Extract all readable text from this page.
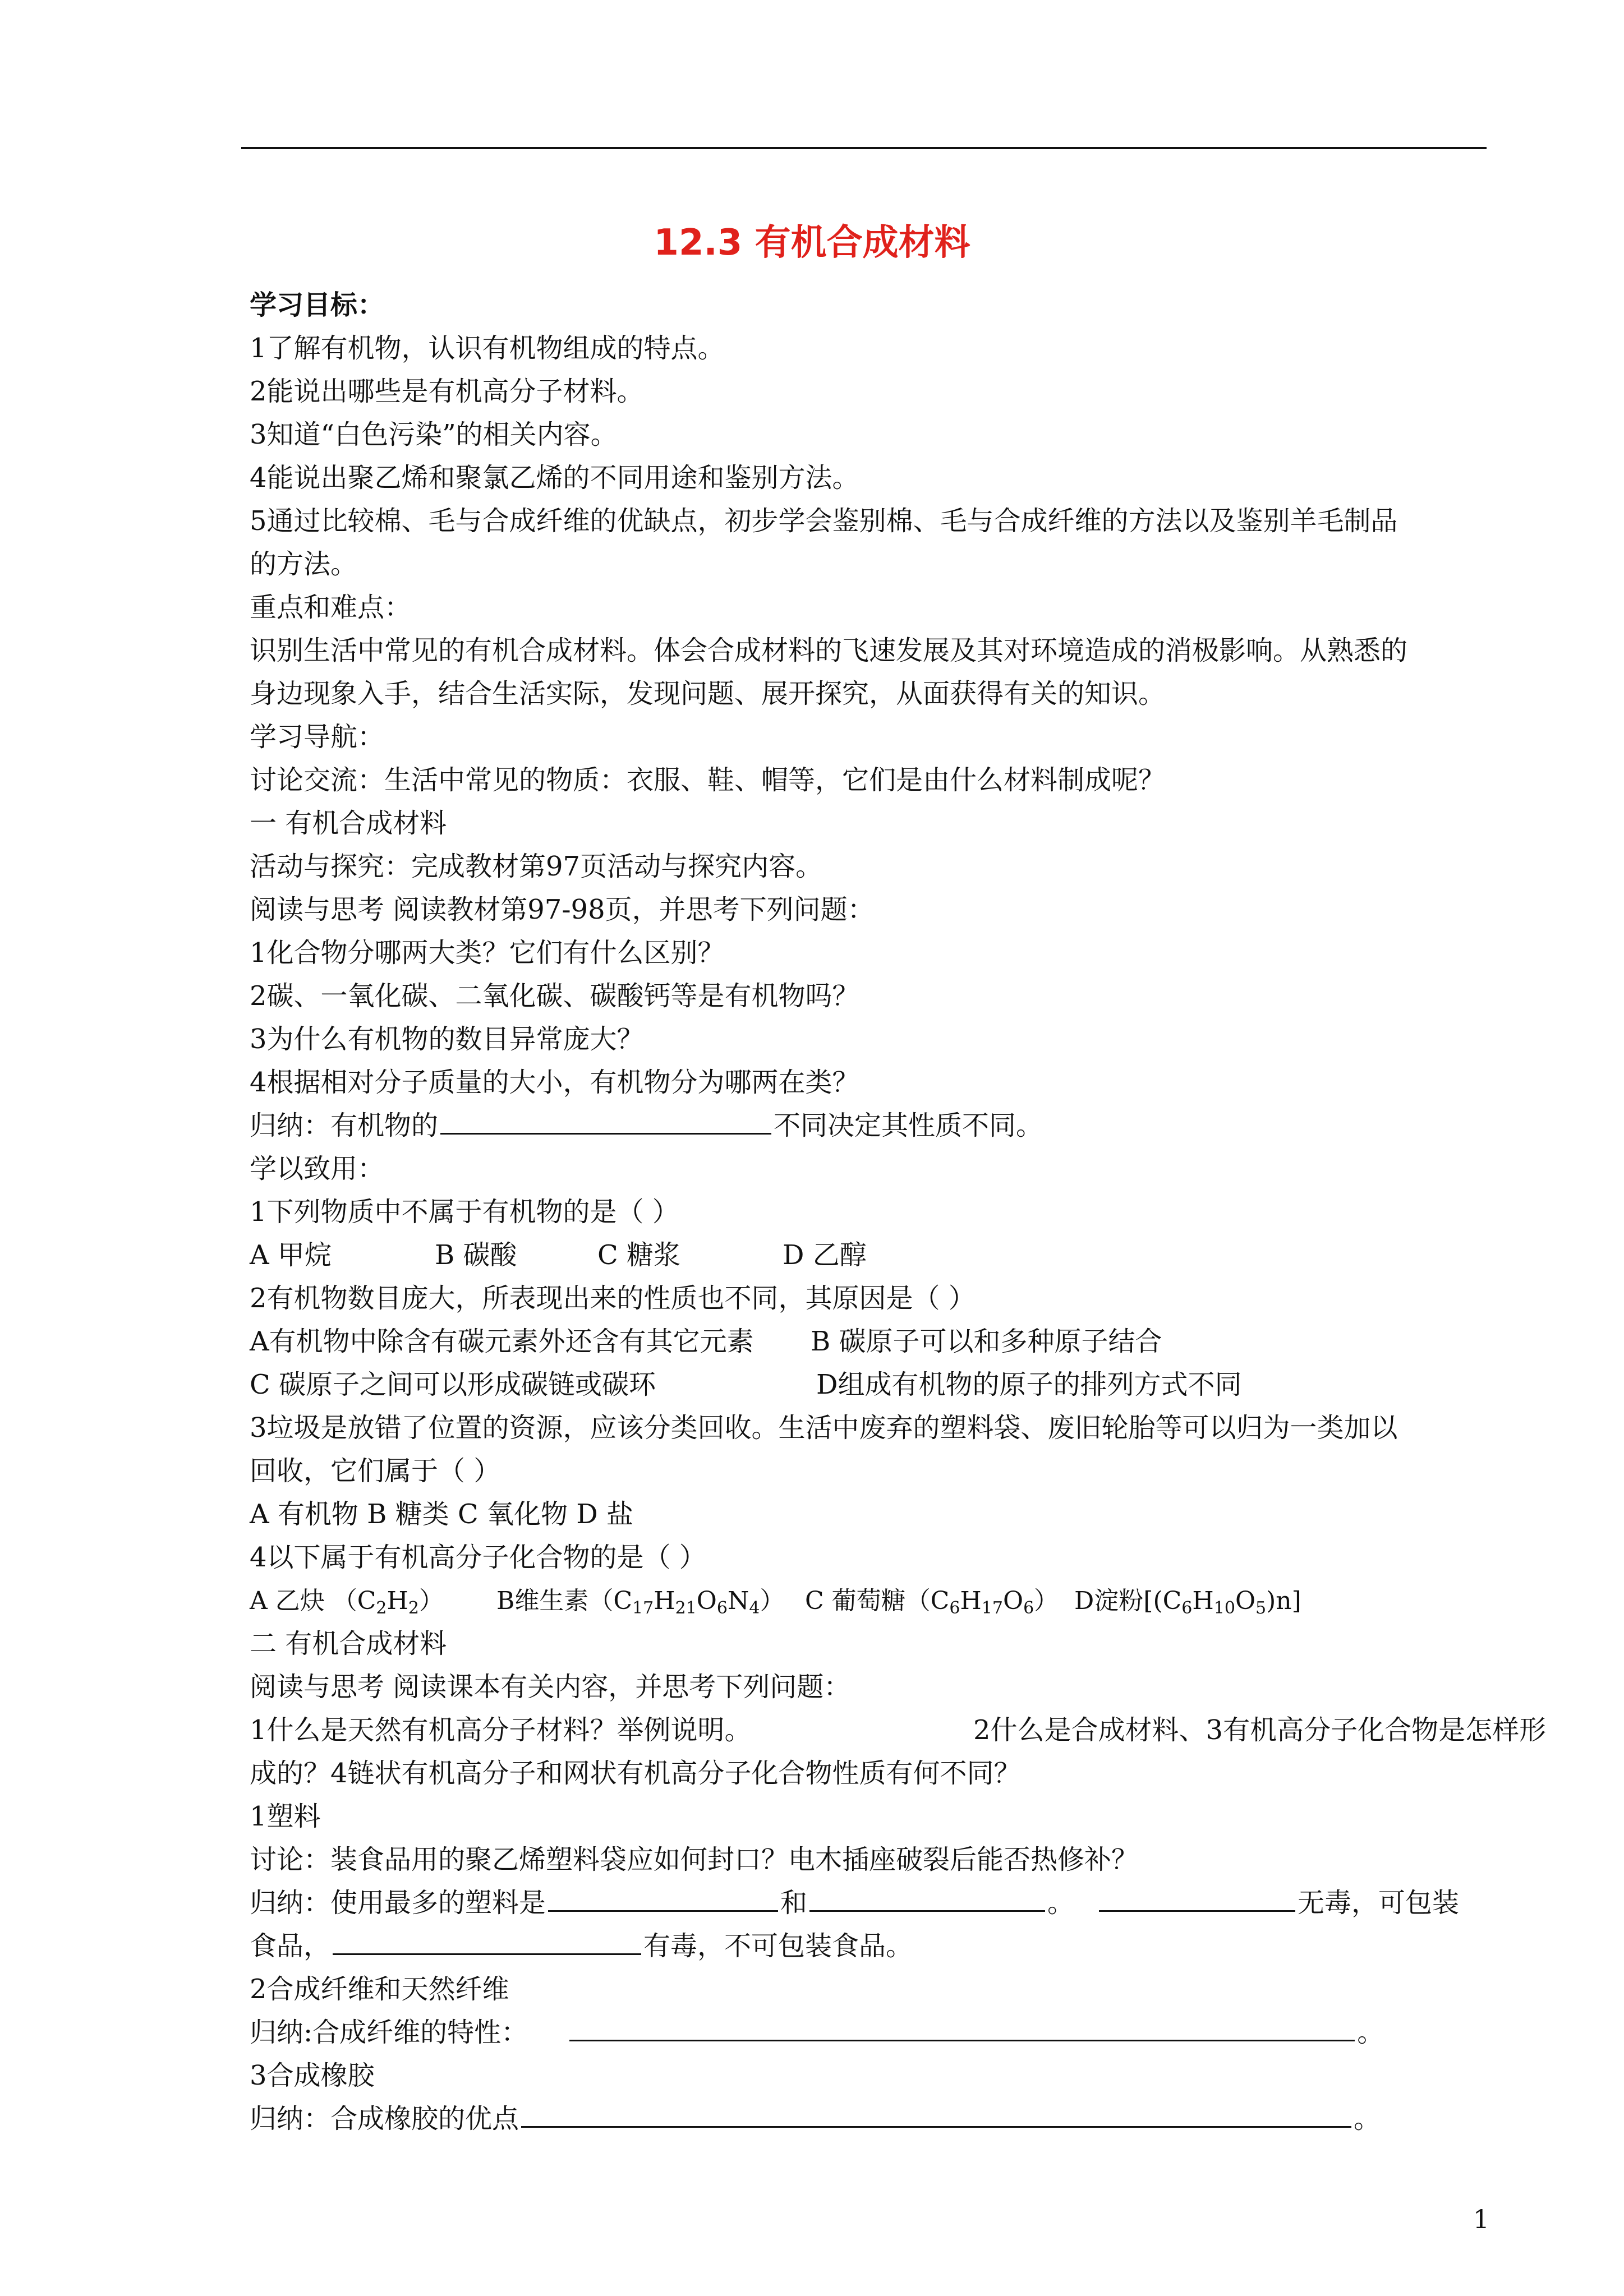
12.3 有机合成材料
学习目标：
1了解有机物，认识有机物组成的特点。
2能说出哪些是有机高分子材料。
3知道“白色污染”的相关内容。
4能说出聚乙烯和聚氯乙烯的不同用途和鉴别方法。
5通过比较棉、毛与合成纤维的优缺点，初步学会鉴别棉、毛与合成纤维的方法以及鉴别羊毛制品
的方法。
重点和难点：
识别生活中常见的有机合成材料。体会合成材料的飞速发展及其对环境造成的消极影响。从熟悉的
身边现象入手，结合生活实际，发现问题、展开探究，从面获得有关的知识。
学习导航：
讨论交流：生活中常见的物质：衣服、鞋、帽等，它们是由什么材料制成呢？
一 有机合成材料
活动与探究：完成教材第97页活动与探究内容。
阅读与思考 阅读教材第97-98页，并思考下列问题：
1化合物分哪两大类？它们有什么区别？
2碳、一氧化碳、二氧化碳、碳酸钙等是有机物吗？
3为什么有机物的数目异常庞大？
4根据相对分子质量的大小，有机物分为哪两在类？
归纳：有机物的	不同决定其性质不同。
学以致用：
1下列物质中不属于有机物的是（ ）
A 甲烷	B 碳酸	C 糖浆	D 乙醇
2有机物数目庞大，所表现出来的性质也不同，其原因是（ ）
A有机物中除含有碳元素外还含有其它元素 B 碳原子可以和多种原子结合
C 碳原子之间可以形成碳链或碳环	D组成有机物的原子的排列方式不同
3垃圾是放错了位置的资源，应该分类回收。生活中废弃的塑料袋、废旧轮胎等可以归为一类加以
回收，它们属于（ ）
A 有机物 B 糖类 C 氧化物 D 盐
4以下属于有机高分子化合物的是（ ）
A 乙炔 $(C_2H_2)$ B维生素$(C_{17}H_{21}O_6N_4)$ C 葡萄糖$(C_6H_{17}O_6)$ D淀粉$[(C_6H_{10}O_5)n]$
二 有机合成材料
阅读与思考 阅读课本有关内容，并思考下列问题：
1什么是天然有机高分子材料？举例说明。	2什么是合成材料、3有机高分子化合物是怎样形
成的？4链状有机高分子和网状有机高分子化合物性质有何不同？
1塑料
讨论：装食品用的聚乙烯塑料袋应如何封口？电木插座破裂后能否热修补？
归纳：使用最多的塑料是	和	。	无毒，可包装
食品，	有毒，不可包装食品。
2合成纤维和天然纤维
归纳:合成纤维的特性：	。
3合成橡胶
归纳：合成橡胶的优点	。
1
